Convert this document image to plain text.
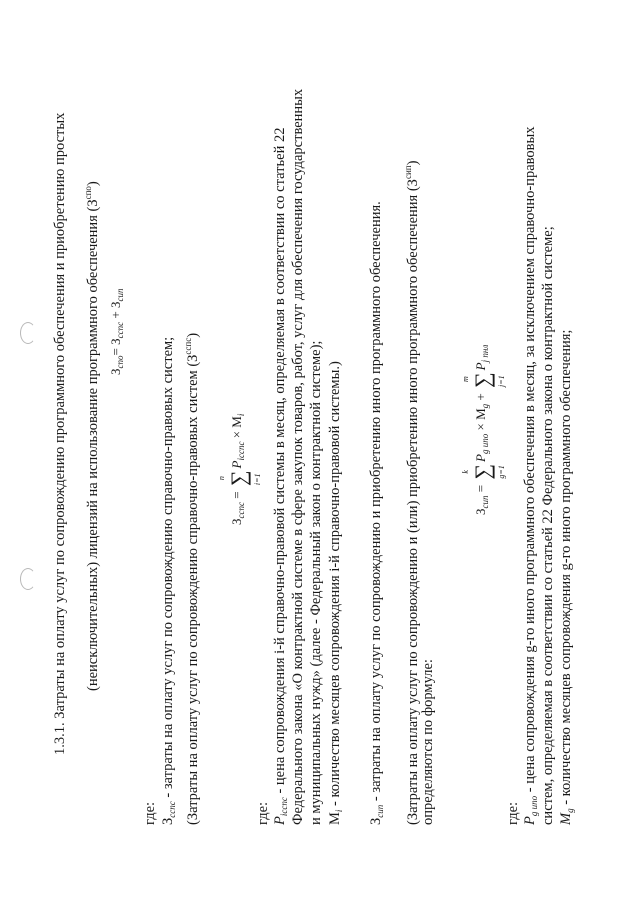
1.3.1. Затраты на оплату услуг по сопровождению программного обеспечения и приобретению простых	(неисключительных) лицензий на использование программного обеспечения $(З^{спо})$
$З_{спо}= З_{сспс} + З_{сип}$
где: $З_{сспс}$ - затраты на оплату услуг по сопровождению справочно-правовых систем; (Затраты на оплату услуг по сопровождению справочно-правовых систем $(З^{сспс})$
$З_{сспс}$ = ∑
n	i=1
$P_{iсспс} \times M_i$
где: $P_{iсспс}$ - цена сопровождения i-й справочно-правовой системы в месяц, определяемая в соответствии со статьей 22 Федерального закона «О контрактной системе в сфере закупок товаров, работ, услуг для обеспечения государственных и муниципальных нужд» (далее - Федеральный закон о контрактной системе); $M_i$ - количество месяцев сопровождения i-й справочно-правовой системы.)
$З_{сип}$ - затраты на оплату услуг по сопровождению и приобретению иного программного обеспечения.	(Затраты на оплату услуг по сопровождению и (или) приобретению иного программного обеспечения $(З^{сип})$
определяются по формуле:
$З_{сип}$ = ∑
k	g=1
$P_{g ипо} \times M_g$ + ∑
m	j=1
$P_{j пнл}$
где: $P_{g ипо}$ - цена сопровождения g-го иного программного обеспечения в месяц, за исключением справочно-правовых систем, определяемая в соответствии со статьей 22 Федерального закона о контрактной системе; $M_g$ - количество месяцев сопровождения g-го иного программного обеспечения;
